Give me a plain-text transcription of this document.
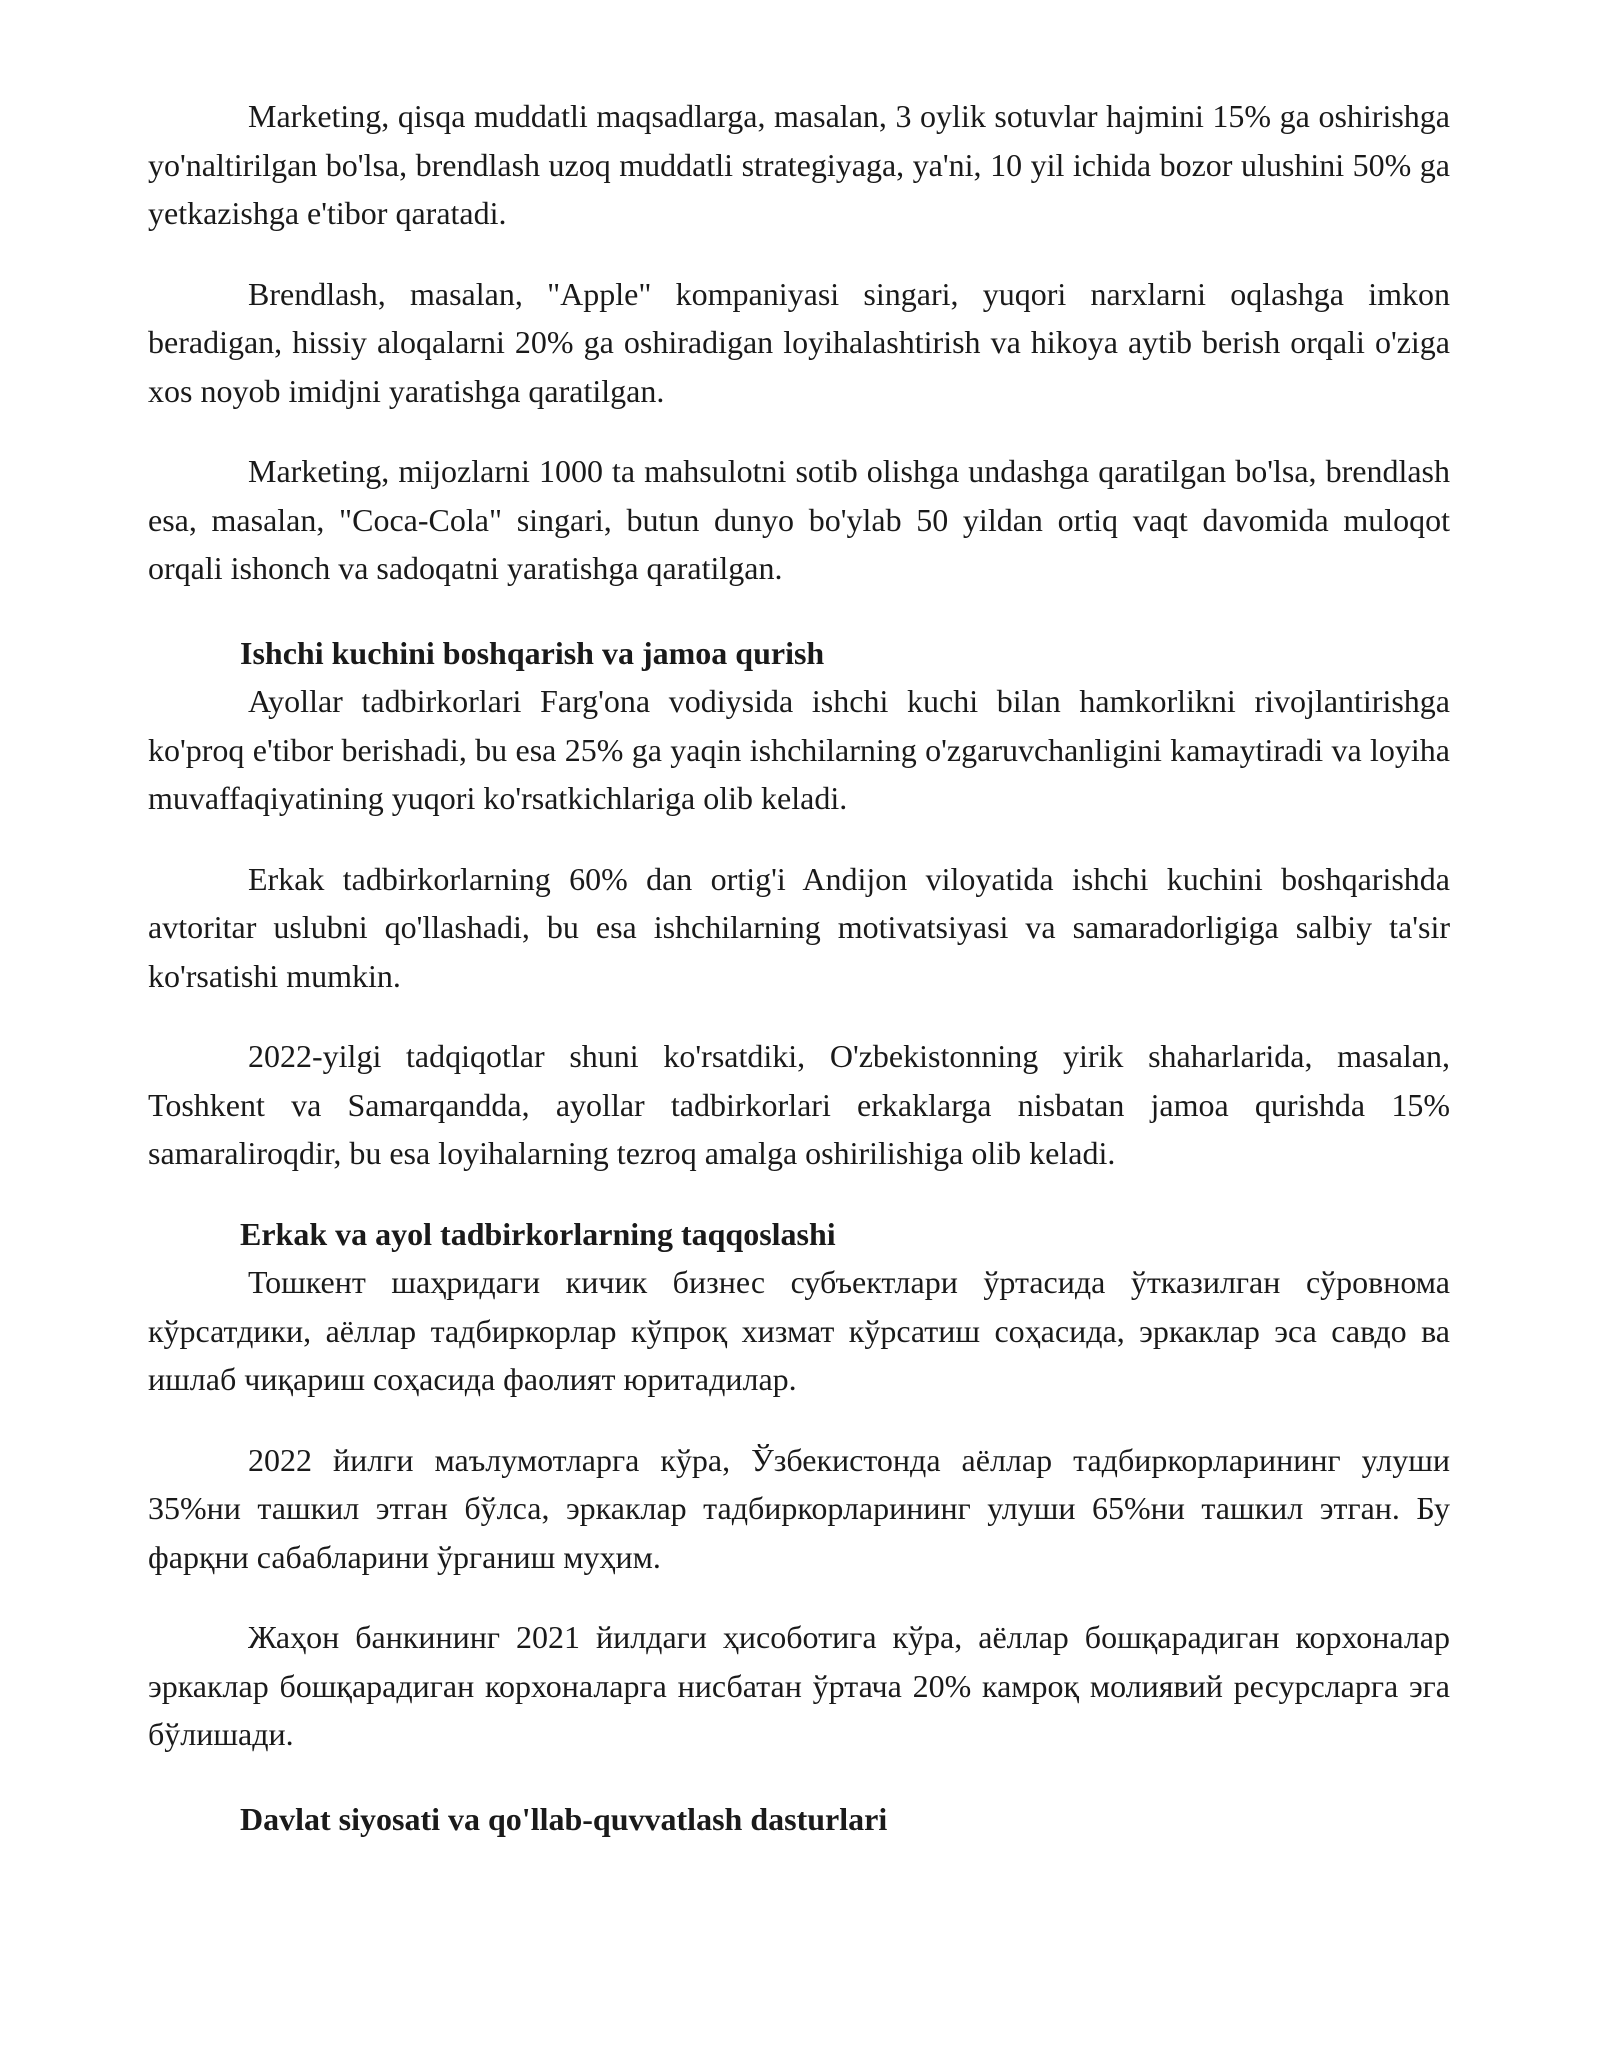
Marketing, qisqa muddatli maqsadlarga, masalan, 3 oylik sotuvlar hajmini 15% ga oshirishga yo'naltirilgan bo'lsa, brendlash uzoq muddatli strategiyaga, ya'ni, 10 yil ichida bozor ulushini 50% ga yetkazishga e'tibor qaratadi.

Brendlash, masalan, "Apple" kompaniyasi singari, yuqori narxlarni oqlashga imkon beradigan, hissiy aloqalarni 20% ga oshiradigan loyihalashtirish va hikoya aytib berish orqali o'ziga xos noyob imidjni yaratishga qaratilgan.

Marketing, mijozlarni 1000 ta mahsulotni sotib olishga undashga qaratilgan bo'lsa, brendlash esa, masalan, "Coca-Cola" singari, butun dunyo bo'ylab 50 yildan ortiq vaqt davomida muloqot orqali ishonch va sadoqatni yaratishga qaratilgan.

Ishchi kuchini boshqarish va jamoa qurish

Ayollar tadbirkorlari Farg'ona vodiysida ishchi kuchi bilan hamkorlikni rivojlantirishga ko'proq e'tibor berishadi, bu esa 25% ga yaqin ishchilarning o'zgaruvchanligini kamaytiradi va loyiha muvaffaqiyatining yuqori ko'rsatkichlariga olib keladi.

Erkak tadbirkorlarning 60% dan ortig'i Andijon viloyatida ishchi kuchini boshqarishda avtoritar uslubni qo'llashadi, bu esa ishchilarning motivatsiyasi va samaradorligiga salbiy ta'sir ko'rsatishi mumkin.

2022-yilgi tadqiqotlar shuni ko'rsatdiki, O'zbekistonning yirik shaharlarida, masalan, Toshkent va Samarqandda, ayollar tadbirkorlari erkaklarga nisbatan jamoa qurishda 15% samaraliroqdir, bu esa loyihalarning tezroq amalga oshirilishiga olib keladi.

Erkak va ayol tadbirkorlarning taqqoslashi

Тошкент шаҳридаги кичик бизнес субъектлари ўртасида ўтказилган сўровнома кўрсатдики, аёллар тадбиркорлар кўпроқ хизмат кўрсатиш соҳасида, эркаклар эса савдо ва ишлаб чиқариш соҳасида фаолият юритадилар.

2022 йилги маълумотларга кўра, Ўзбекистонда аёллар тадбиркорларининг улуши 35%ни ташкил этган бўлса, эркаклар тадбиркорларининг улуши 65%ни ташкил этган. Бу фарқни сабабларини ўрганиш муҳим.

Жаҳон банкининг 2021 йилдаги ҳисоботига кўра, аёллар бошқарадиган корхоналар эркаклар бошқарадиган корхоналарга нисбатан ўртача 20% камроқ молиявий ресурсларга эга бўлишади.

Davlat siyosati va qo'llab-quvvatlash dasturlari
